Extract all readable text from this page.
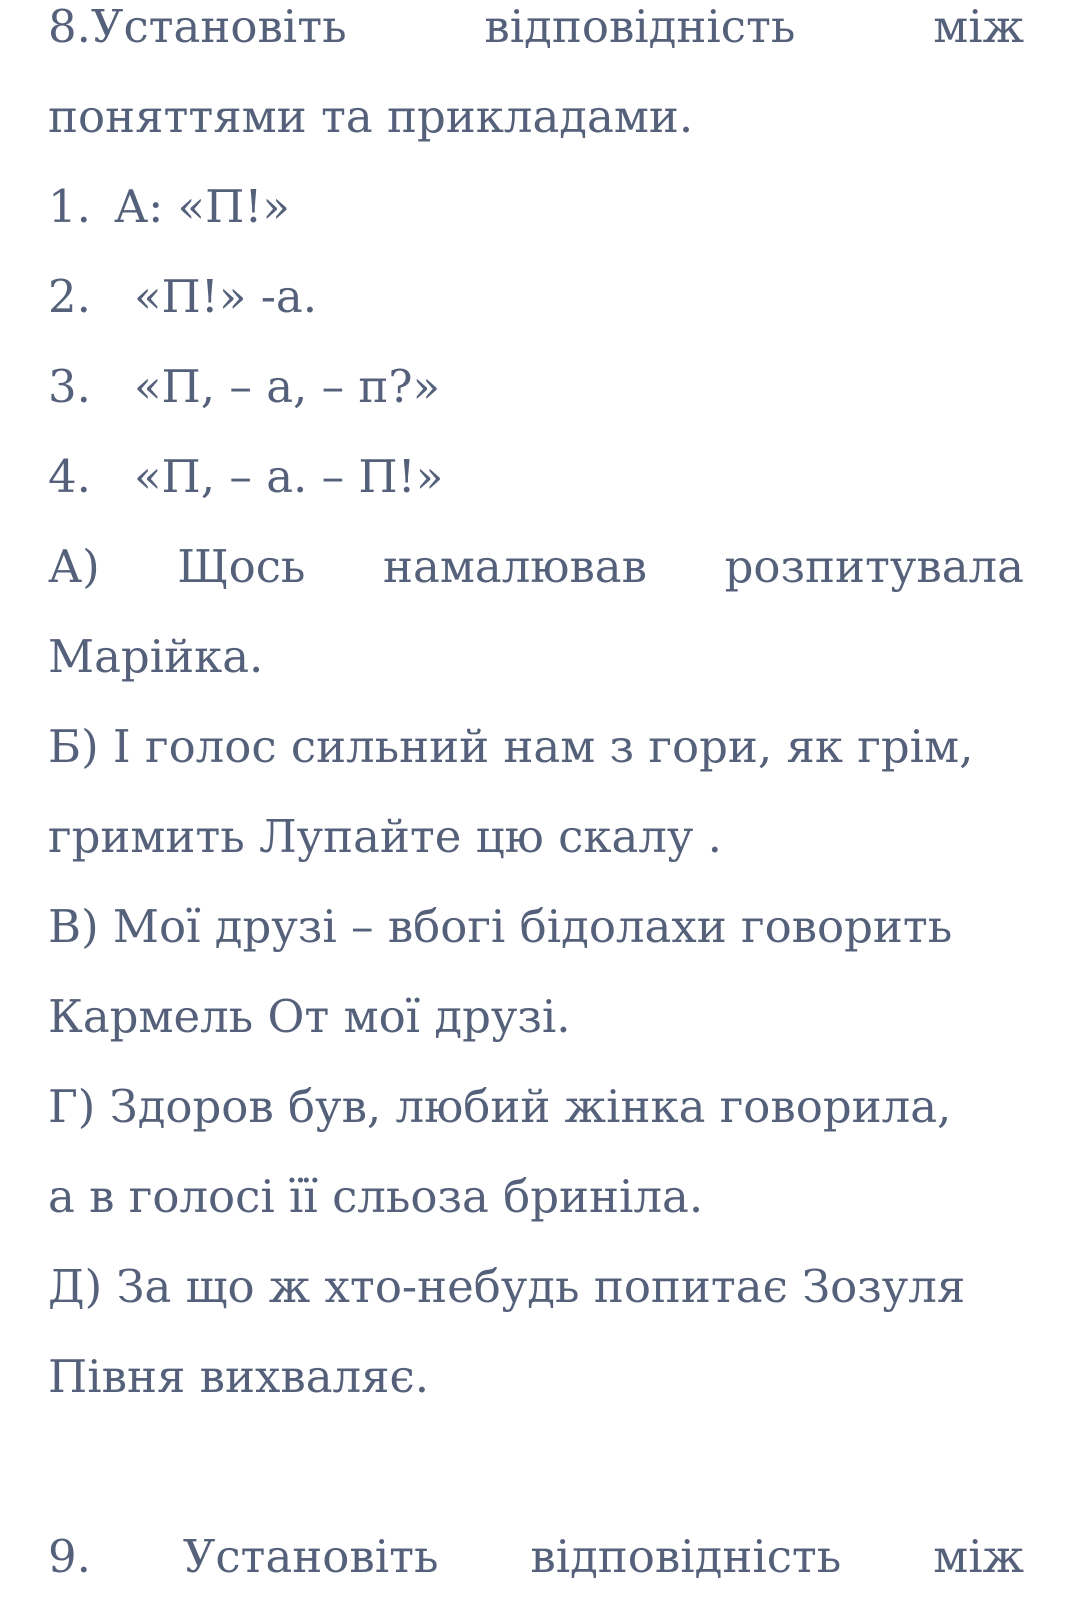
8.Установіть	відповідність	між
поняттями та прикладами.
1. А: «П!»
2. «П!» -а.
3. «П, – а, – п?»
4. «П, – а. – П!»
А) Щось намалював розпитувала
Марійка.
Б) І голос сильний нам з гори, як грім,
гримить Лупайте цю скалу .
В) Мої друзі – вбогі бідолахи говорить
Кармель От мої друзі.
Г) Здоров був, любий жінка говорила,
а в голосі її сльоза бриніла.
Д) За що ж хто-небудь попитає Зозуля
Півня вихваляє.
9. Установіть відповідність між
